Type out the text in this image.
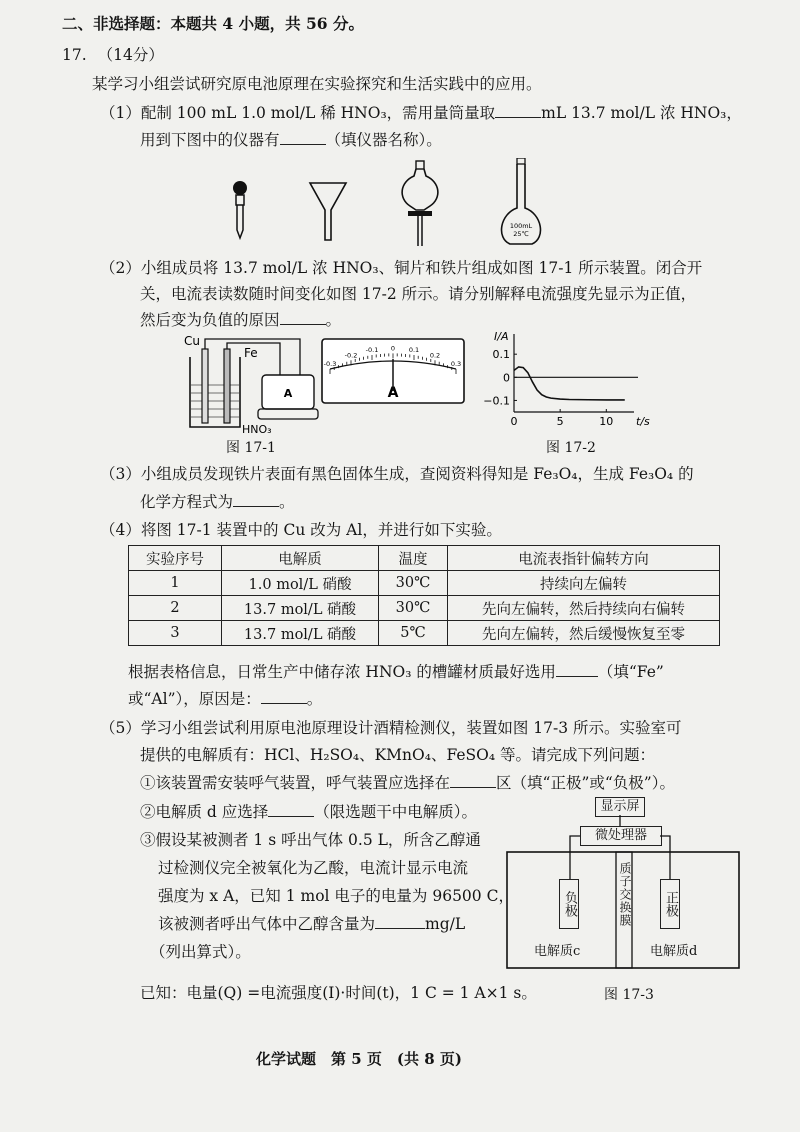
二、非选择题：本题共 4 小题，共 56 分。
17. （14分）
某学习小组尝试研究原电池原理在实验探究和生活实践中的应用。
（1）配制 100 mL 1.0 mol/L 稀 HNO₃，需用量筒量取	mL 13.7 mol/L 浓 HNO₃，
用到下图中的仪器有	（填仪器名称）。
100mL
25℃
（2）小组成员将 13.7 mol/L 浓 HNO₃、铜片和铁片组成如图 17-1 所示装置。闭合开
关，电流表读数随时间变化如图 17-2 所示。请分别解释电流强度先显示为正值，
然后变为负值的原因	。
Cu
Fe
HNO₃
A
-0.3
-0.2
-0.1 0 0.1
0.2
0.3
A
图 17-1
I/A
t/s
0.1
0
−0.1
0	5	10
图 17-2
（3）小组成员发现铁片表面有黑色固体生成，查阅资料得知是 Fe₃O₄，生成 Fe₃O₄ 的
化学方程式为	。
（4）将图 17-1 装置中的 Cu 改为 Al，并进行如下实验。
实验序号	电解质	温度	电流表指针偏转方向
1	1.0 mol/L 硝酸	30℃	持续向左偏转
2	13.7 mol/L 硝酸	30℃	先向左偏转，然后持续向右偏转
3	13.7 mol/L 硝酸	5℃	先向左偏转，然后缓慢恢复至零
根据表格信息，日常生产中储存浓 HNO₃ 的槽罐材质最好选用	（填“Fe”
或“Al”），原因是：	。
（5）学习小组尝试利用原电池原理设计酒精检测仪，装置如图 17-3 所示。实验室可
提供的电解质有：HCl、H₂SO₄、KMnO₄、FeSO₄ 等。请完成下列问题：
①该装置需安装呼气装置，呼气装置应选择在	区（填“正极”或“负极”）。
②电解质 d 应选择	（限选题干中电解质）。
③假设某被测者 1 s 呼出气体 0.5 L，所含乙醇通
过检测仪完全被氧化为乙酸，电流计显示电流
强度为 x A，已知 1 mol 电子的电量为 96500 C，
该被测者呼出气体中乙醇含量为	mg/L
（列出算式）。
已知：电量(Q) =电流强度(I)·时间(t)，1 C = 1 A×1 s。
显示屏
微处理器
负极	正极
质子交换膜
电解质c	电解质d
图 17-3
化学试题　第 5 页　(共 8 页)
